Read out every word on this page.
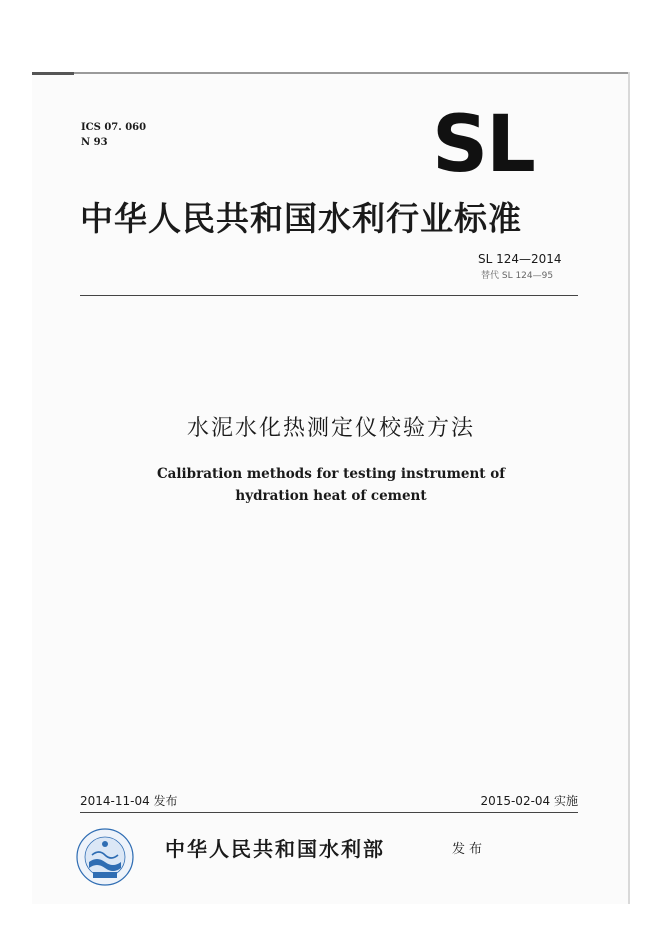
ICS 07. 060
N 93	SL
中华人民共和国水利行业标准
SL 124—2014
替代 SL 124—95
水泥水化热测定仪校验方法
Calibration methods for testing instrument of
hydration heat of cement
2014-11-04 发布	2015-02-04 实施
中华人民共和国水利部	发布
